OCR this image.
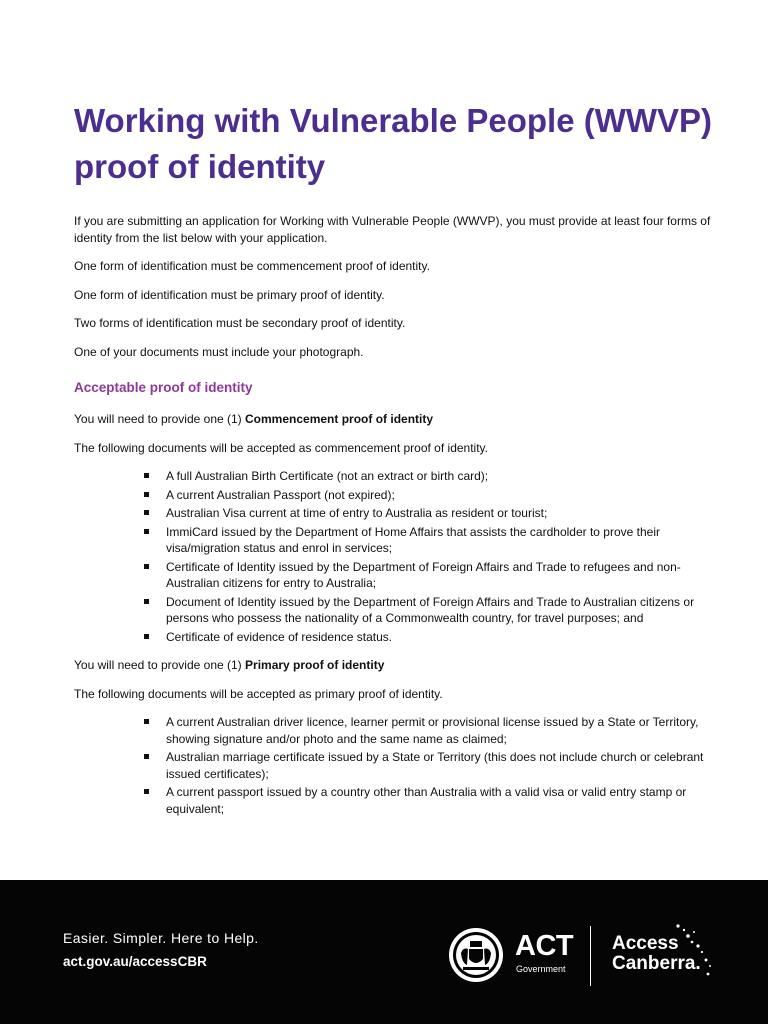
Working with Vulnerable People (WWVP) proof of identity

If you are submitting an application for Working with Vulnerable People (WWVP), you must provide at least four forms of identity from the list below with your application.

One form of identification must be commencement proof of identity.

One form of identification must be primary proof of identity.

Two forms of identification must be secondary proof of identity.

One of your documents must include your photograph.

Acceptable proof of identity

You will need to provide one (1) Commencement proof of identity

The following documents will be accepted as commencement proof of identity.

A full Australian Birth Certificate (not an extract or birth card);
A current Australian Passport (not expired);
Australian Visa current at time of entry to Australia as resident or tourist;
ImmiCard issued by the Department of Home Affairs that assists the cardholder to prove their visa/migration status and enrol in services;
Certificate of Identity issued by the Department of Foreign Affairs and Trade to refugees and non-Australian citizens for entry to Australia;
Document of Identity issued by the Department of Foreign Affairs and Trade to Australian citizens or persons who possess the nationality of a Commonwealth country, for travel purposes; and
Certificate of evidence of residence status.

You will need to provide one (1) Primary proof of identity

The following documents will be accepted as primary proof of identity.

A current Australian driver licence, learner permit or provisional license issued by a State or Territory, showing signature and/or photo and the same name as claimed;
Australian marriage certificate issued by a State or Territory (this does not include church or celebrant issued certificates);
A current passport issued by a country other than Australia with a valid visa or valid entry stamp or equivalent;
Easier. Simpler. Here to Help.
act.gov.au/accessCBR	ACT
Government
Access
Canberra.
